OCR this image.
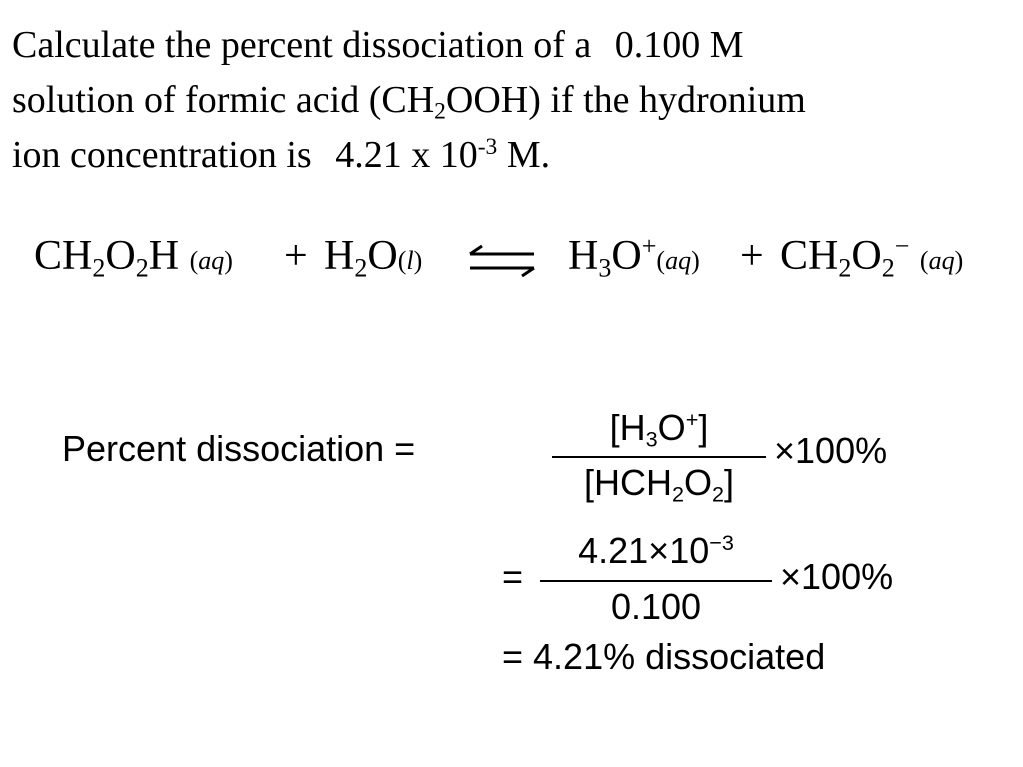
Calculate the percent dissociation of a 0.100 M
solution of formic acid $(CH_2OOH)$ if the hydronium
ion concentration is 4.21 x $10^{-3}$ M.
$CH_2O_2H$ $(aq) + H_2O(l)$	$H_3O^+(aq) + CH_2O_2^-$ (aq)
Percent dissociation =
[H3O+]
[HCH2O2]
×100%
=
$4.21\times 10^{-3}$
0.100
×100%
= 4.21% dissociated
